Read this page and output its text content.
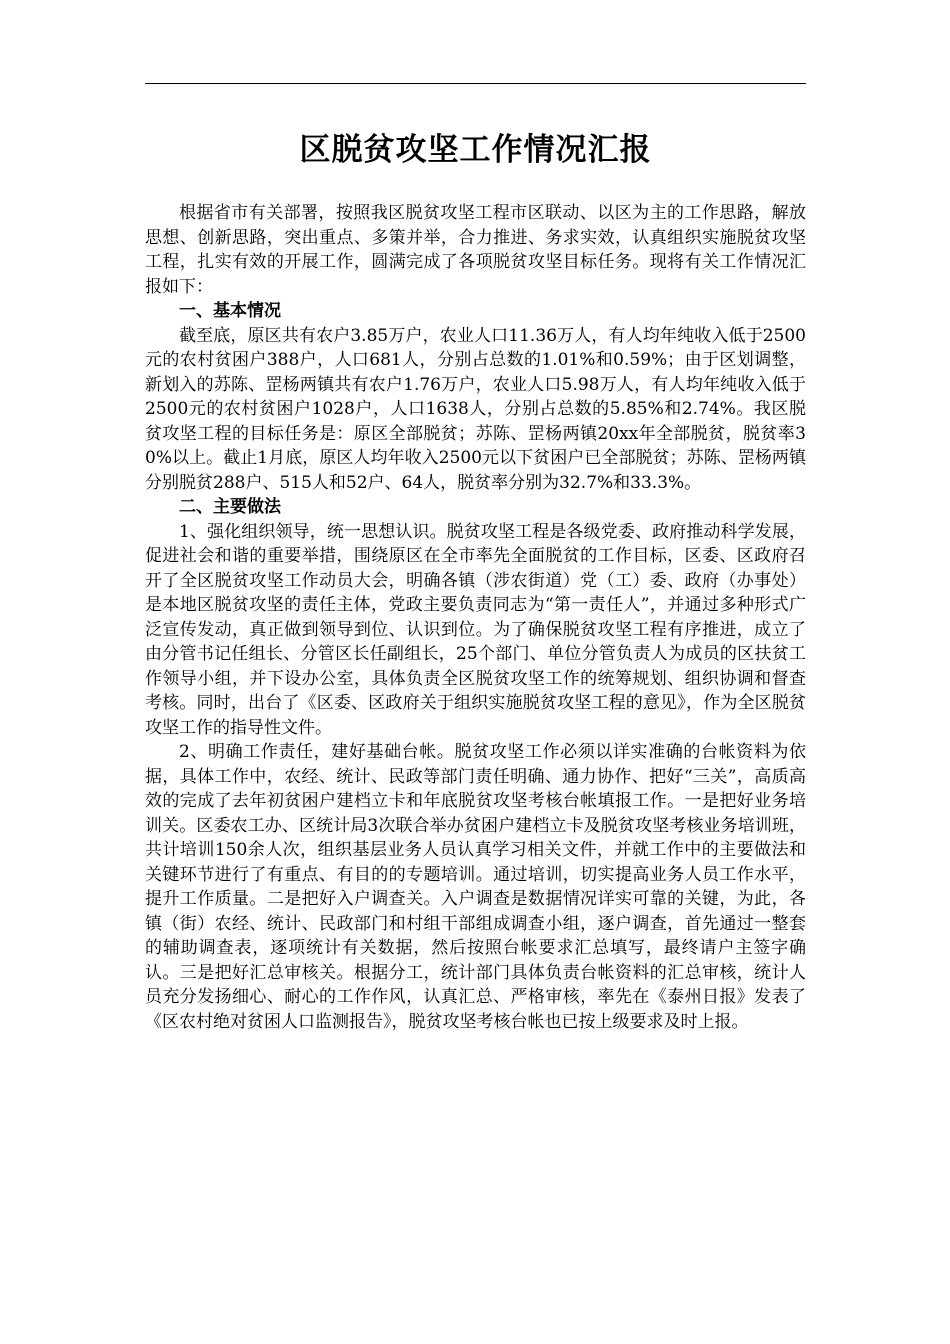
区脱贫攻坚工作情况汇报

根据省市有关部署，按照我区脱贫攻坚工程市区联动、以区为主的工作思路，解放思想、创新思路，突出重点、多策并举，合力推进、务求实效，认真组织实施脱贫攻坚工程，扎实有效的开展工作，圆满完成了各项脱贫攻坚目标任务。现将有关工作情况汇报如下：

一、基本情况

截至底，原区共有农户3.85万户，农业人口11.36万人，有人均年纯收入低于2500元的农村贫困户388户，人口681人，分别占总数的1.01%和0.59%；由于区划调整，新划入的苏陈、罡杨两镇共有农户1.76万户，农业人口5.98万人，有人均年纯收入低于2500元的农村贫困户1028户，人口1638人，分别占总数的5.85%和2.74%。我区脱贫攻坚工程的目标任务是：原区全部脱贫；苏陈、罡杨两镇20xx年全部脱贫，脱贫率30%以上。截止1月底，原区人均年收入2500元以下贫困户已全部脱贫；苏陈、罡杨两镇分别脱贫288户、515人和52户、64人，脱贫率分别为32.7%和33.3%。

二、主要做法

1、强化组织领导，统一思想认识。脱贫攻坚工程是各级党委、政府推动科学发展，促进社会和谐的重要举措，围绕原区在全市率先全面脱贫的工作目标，区委、区政府召开了全区脱贫攻坚工作动员大会，明确各镇（涉农街道）党（工）委、政府（办事处）是本地区脱贫攻坚的责任主体，党政主要负责同志为“第一责任人”，并通过多种形式广泛宣传发动，真正做到领导到位、认识到位。为了确保脱贫攻坚工程有序推进，成立了由分管书记任组长、分管区长任副组长，25个部门、单位分管负责人为成员的区扶贫工作领导小组，并下设办公室，具体负责全区脱贫攻坚工作的统筹规划、组织协调和督查考核。同时，出台了《区委、区政府关于组织实施脱贫攻坚工程的意见》，作为全区脱贫攻坚工作的指导性文件。

2、明确工作责任，建好基础台帐。脱贫攻坚工作必须以详实准确的台帐资料为依据，具体工作中，农经、统计、民政等部门责任明确、通力协作、把好“三关”，高质高效的完成了去年初贫困户建档立卡和年底脱贫攻坚考核台帐填报工作。一是把好业务培训关。区委农工办、区统计局3次联合举办贫困户建档立卡及脱贫攻坚考核业务培训班，共计培训150余人次，组织基层业务人员认真学习相关文件，并就工作中的主要做法和关键环节进行了有重点、有目的的专题培训。通过培训，切实提高业务人员工作水平，提升工作质量。二是把好入户调查关。入户调查是数据情况详实可靠的关键，为此，各镇（街）农经、统计、民政部门和村组干部组成调查小组，逐户调查，首先通过一整套的辅助调查表，逐项统计有关数据，然后按照台帐要求汇总填写，最终请户主签字确认。三是把好汇总审核关。根据分工，统计部门具体负责台帐资料的汇总审核，统计人员充分发扬细心、耐心的工作作风，认真汇总、严格审核，率先在《泰州日报》发表了《区农村绝对贫困人口监测报告》，脱贫攻坚考核台帐也已按上级要求及时上报。
